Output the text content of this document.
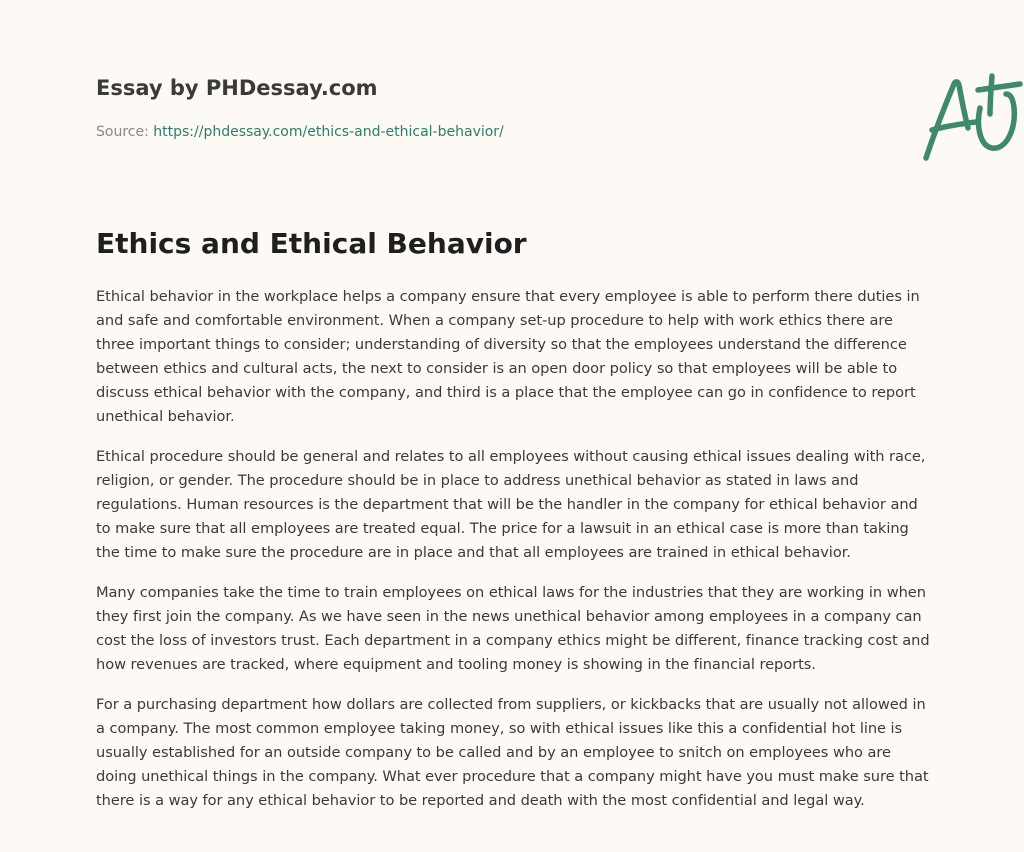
Essay by PHDessay.com
Source: https://phdessay.com/ethics-and-ethical-behavior/
Ethics and Ethical Behavior

Ethical behavior in the workplace helps a company ensure that every employee is able to perform there duties in and safe and comfortable environment. When a company set-up procedure to help with work ethics there are three important things to consider; understanding of diversity so that the employees understand the difference between ethics and cultural acts, the next to consider is an open door policy so that employees will be able to discuss ethical behavior with the company, and third is a place that the employee can go in confidence to report unethical behavior.

Ethical procedure should be general and relates to all employees without causing ethical issues dealing with race, religion, or gender. The procedure should be in place to address unethical behavior as stated in laws and regulations. Human resources is the department that will be the handler in the company for ethical behavior and to make sure that all employees are treated equal. The price for a lawsuit in an ethical case is more than taking the time to make sure the procedure are in place and that all employees are trained in ethical behavior.

Many companies take the time to train employees on ethical laws for the industries that they are working in when they first join the company. As we have seen in the news unethical behavior among employees in a company can cost the loss of investors trust. Each department in a company ethics might be different, finance tracking cost and how revenues are tracked, where equipment and tooling money is showing in the financial reports.

For a purchasing department how dollars are collected from suppliers, or kickbacks that are usually not allowed in a company. The most common employee taking money, so with ethical issues like this a confidential hot line is usually established for an outside company to be called and by an employee to snitch on employees who are doing unethical things in the company. What ever procedure that a company might have you must make sure that there is a way for any ethical behavior to be reported and death with the most confidential and legal way.
